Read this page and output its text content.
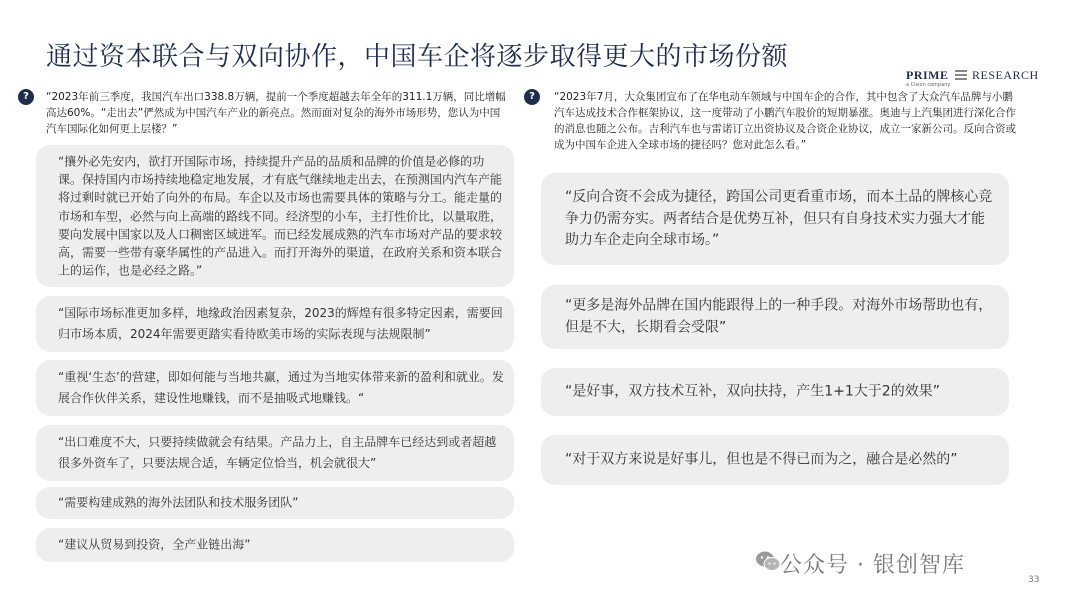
通过资本联合与双向协作，中国车企将逐步取得更大的市场份额
PRIME RESEARCH
a Cision company
?	“2023年前三季度，我国汽车出口338.8万辆，提前一个季度超越去年全年的311.1万辆，同比增幅高达60%。“走出去”俨然成为中国汽车产业的新亮点。然而面对复杂的海外市场形势，您认为中国汽车国际化如何更上层楼？”
“攘外必先安内，欲打开国际市场，持续提升产品的品质和品牌的价值是必修的功课。保持国内市场持续地稳定地发展，才有底气继续地走出去，在预测国内汽车产能将过剩时就已开始了向外的布局。车企以及市场也需要具体的策略与分工。能走量的市场和车型，必然与向上高端的路线不同。经济型的小车，主打性价比，以量取胜，要向发展中国家以及人口稠密区域进军。而已经发展成熟的汽车市场对产品的要求较高，需要一些带有豪华属性的产品进入。而打开海外的渠道，在政府关系和资本联合上的运作，也是必经之路。”
“国际市场标准更加多样，地缘政治因素复杂，2023的辉煌有很多特定因素，需要回归市场本质，2024年需要更踏实看待欧美市场的实际表现与法规限制”
“重视‘生态’的营建，即如何能与当地共赢，通过为当地实体带来新的盈利和就业。发展合作伙伴关系，建设性地赚钱，而不是抽吸式地赚钱。“
“出口难度不大，只要持续做就会有结果。产品力上，自主品牌车已经达到或者超越很多外资车了，只要法规合适，车辆定位恰当，机会就很大”
“需要构建成熟的海外法团队和技术服务团队”
“建议从贸易到投资，全产业链出海”
?	“2023年7月，大众集团宣布了在华电动车领域与中国车企的合作，其中包含了大众汽车品牌与小鹏汽车达成技术合作框架协议，这一度带动了小鹏汽车股价的短期暴涨。奥迪与上汽集团进行深化合作的消息也随之公布。吉利汽车也与雷诺订立出资协议及合资企业协议，成立一家新公司。反向合资或成为中国车企进入全球市场的捷径吗？您对此怎么看。”
“反向合资不会成为捷径，跨国公司更看重市场，而本土品的牌核心竞争力仍需夯实。两者结合是优势互补，但只有自身技术实力强大才能助力车企走向全球市场。”
“更多是海外品牌在国内能跟得上的一种手段。对海外市场帮助也有，但是不大，长期看会受限”
“是好事，双方技术互补，双向扶持，产生1+1大于2的效果”
“对于双方来说是好事儿，但也是不得已而为之，融合是必然的”
公众号 · 银创智库
33
